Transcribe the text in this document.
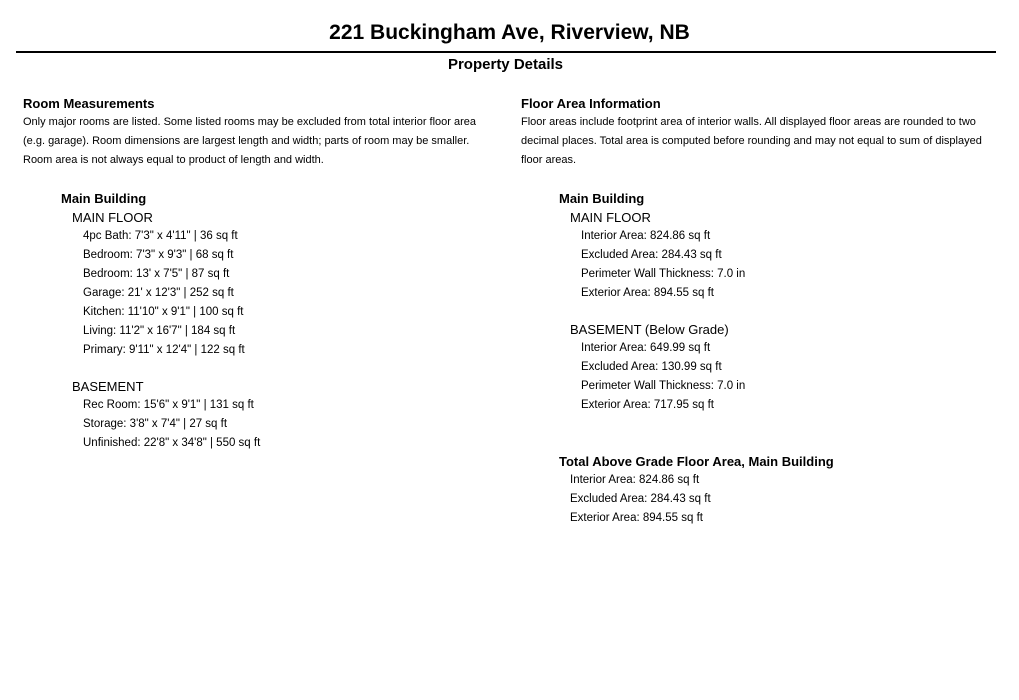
221 Buckingham Ave, Riverview, NB
Property Details
Room Measurements
Only major rooms are listed. Some listed rooms may be excluded from total interior floor area
(e.g. garage). Room dimensions are largest length and width; parts of room may be smaller.
Room area is not always equal to product of length and width.
Main Building
MAIN FLOOR
4pc Bath: 7'3" x 4'11" | 36 sq ft
Bedroom: 7'3" x 9'3" | 68 sq ft
Bedroom: 13' x 7'5" | 87 sq ft
Garage: 21' x 12'3" | 252 sq ft
Kitchen: 11'10" x 9'1" | 100 sq ft
Living: 11'2" x 16'7" | 184 sq ft
Primary: 9'11" x 12'4" | 122 sq ft
BASEMENT
Rec Room: 15'6" x 9'1" | 131 sq ft
Storage: 3'8" x 7'4" | 27 sq ft
Unfinished: 22'8" x 34'8" | 550 sq ft
Floor Area Information
Floor areas include footprint area of interior walls. All displayed floor areas are rounded to two
decimal places. Total area is computed before rounding and may not equal to sum of displayed
floor areas.
Main Building
MAIN FLOOR
Interior Area: 824.86 sq ft
Excluded Area: 284.43 sq ft
Perimeter Wall Thickness: 7.0 in
Exterior Area: 894.55 sq ft
BASEMENT (Below Grade)
Interior Area: 649.99 sq ft
Excluded Area: 130.99 sq ft
Perimeter Wall Thickness: 7.0 in
Exterior Area: 717.95 sq ft
Total Above Grade Floor Area, Main Building
Interior Area: 824.86 sq ft
Excluded Area: 284.43 sq ft
Exterior Area: 894.55 sq ft
